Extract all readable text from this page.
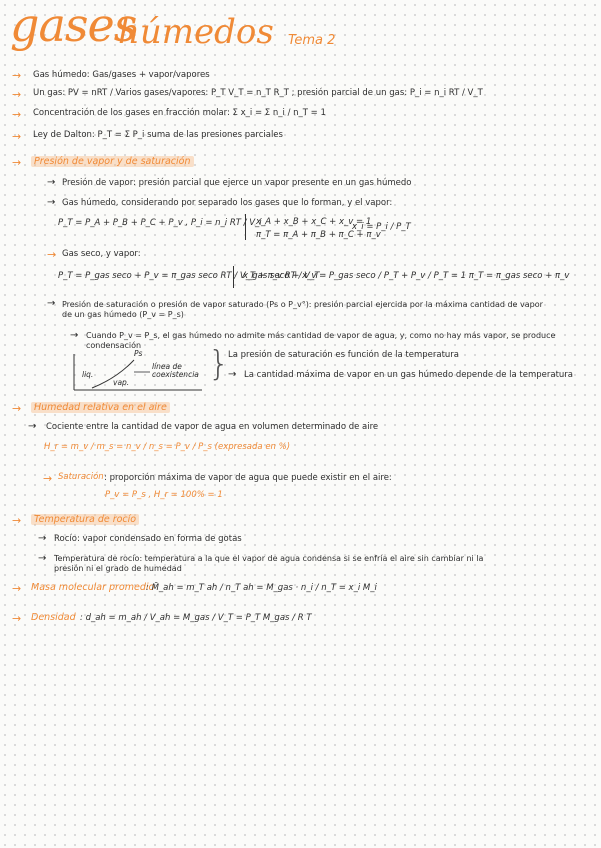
gases
húmedos Tema 2
→ Gas húmedo: Gas/gases + vapor/vapores
→ Un gas: PV = nRT / Varios gases/vapores: P_T V_T = n_T R_T ; presión parcial de un gas: P_i = n_i RT / V_T
→ Concentración de los gases en fracción molar: Σ x_i = Σ n_i / n_T = 1
→ Ley de Dalton: P_T = Σ P_i suma de las presiones parciales
→	Presión de vapor y de saturación
→ Presión de vapor: presión parcial que ejerce un vapor presente en un gas húmedo
→ Gas húmedo, considerando por separado los gases que lo forman, y el vapor:
P_T = P_A + P_B + P_C + P_v , P_i = n_i RT / V_i
x_A + x_B + x_C + x_v = 1
π_T = π_A + π_B + π_C + π_v
x_i = P_i / P_T
→ Gas seco, y vapor:
P_T = P_gas seco + P_v = π_gas seco RT / V_T + π_v RT / V_T
x_gas seco + x_v = P_gas seco / P_T + P_v / P_T = 1 π_T = π_gas seco + π_v
→ Presión de saturación o presión de vapor saturado (Ps o P_v°): presión parcial ejercida por la máxima cantidad de vapor
de un gas húmedo (P_v = P_s)
→ Cuando P_v = P_s, el gas húmedo no admite más cantidad de vapor de agua, y, como no hay más vapor, se produce
condensación
Ps
liq.
vap.
línea de
coexistencia }
La presión de saturación es función de la temperatura
→ La cantidad máxima de vapor en un gas húmedo depende de la temperatura
→	Humedad relativa en el aire
→ Cociente entre la cantidad de vapor de agua en volumen determinado de aire
H_r = m_v / m_s = n_v / n_s = P_v / P_s (expresada en %)
→ Saturación : proporción máxima de vapor de agua que puede existir en el aire:
P_v = P_s , H_r = 100% = 1
→	Temperatura de rocío
→ Rocío: vapor condensado en forma de gotas
→ Temperatura de rocío: temperatura a la que el vapor de agua condensa si se enfría el aire sin cambiar ni la
presión ni el grado de humedad
→ Masa molecular promedio
: M̄_ah = m_T ah / n_T ah = M_gas · n_i / n_T = x_i M_i
→ Densidad : d_ah = m_ah / V_ah = M_gas / V_T = P_T M_gas / R T
